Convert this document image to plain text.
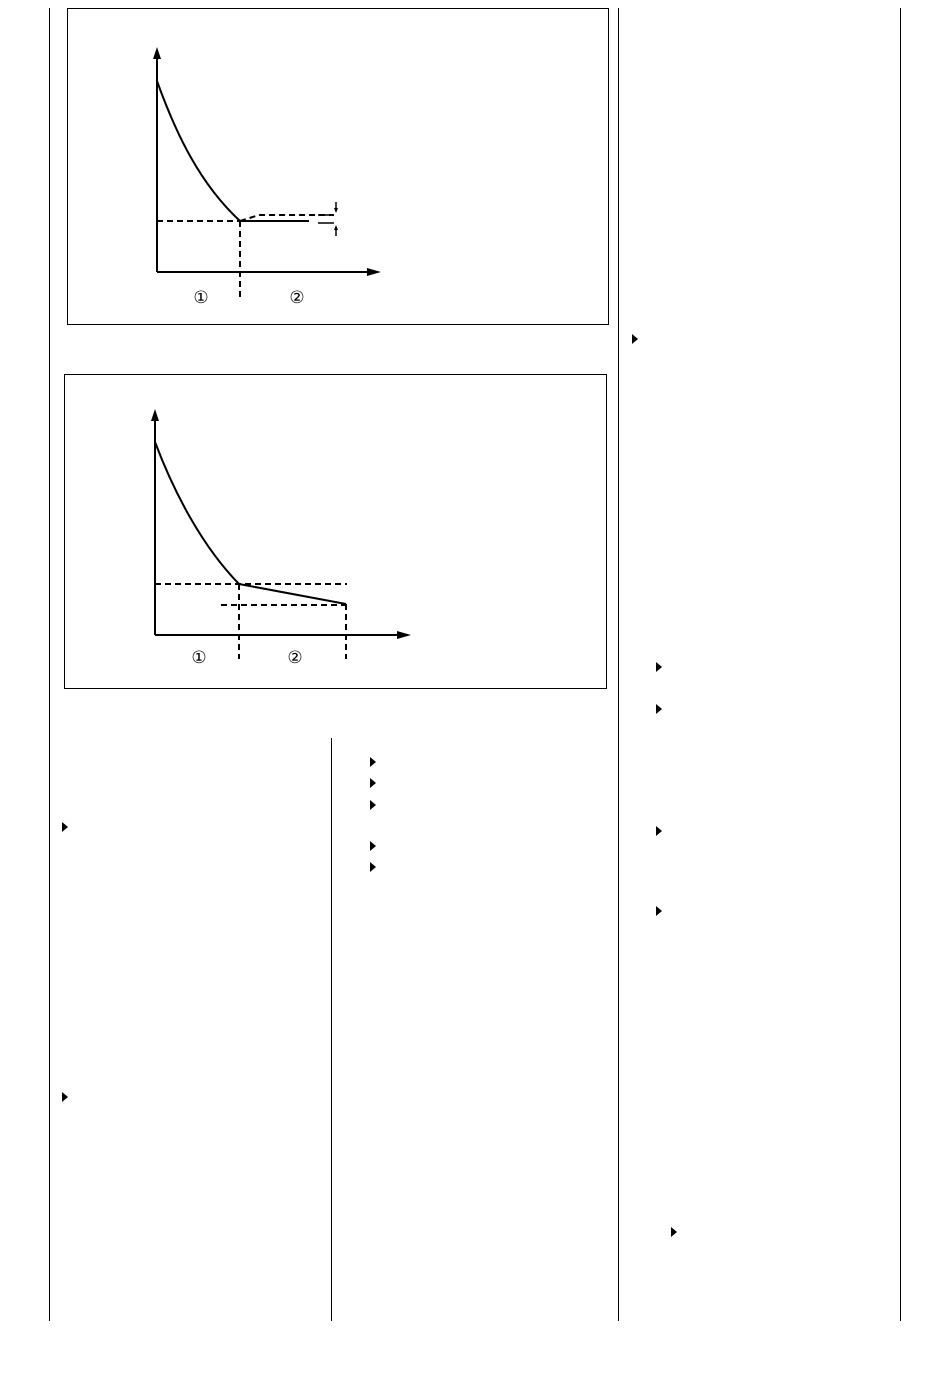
①	②
①	②
